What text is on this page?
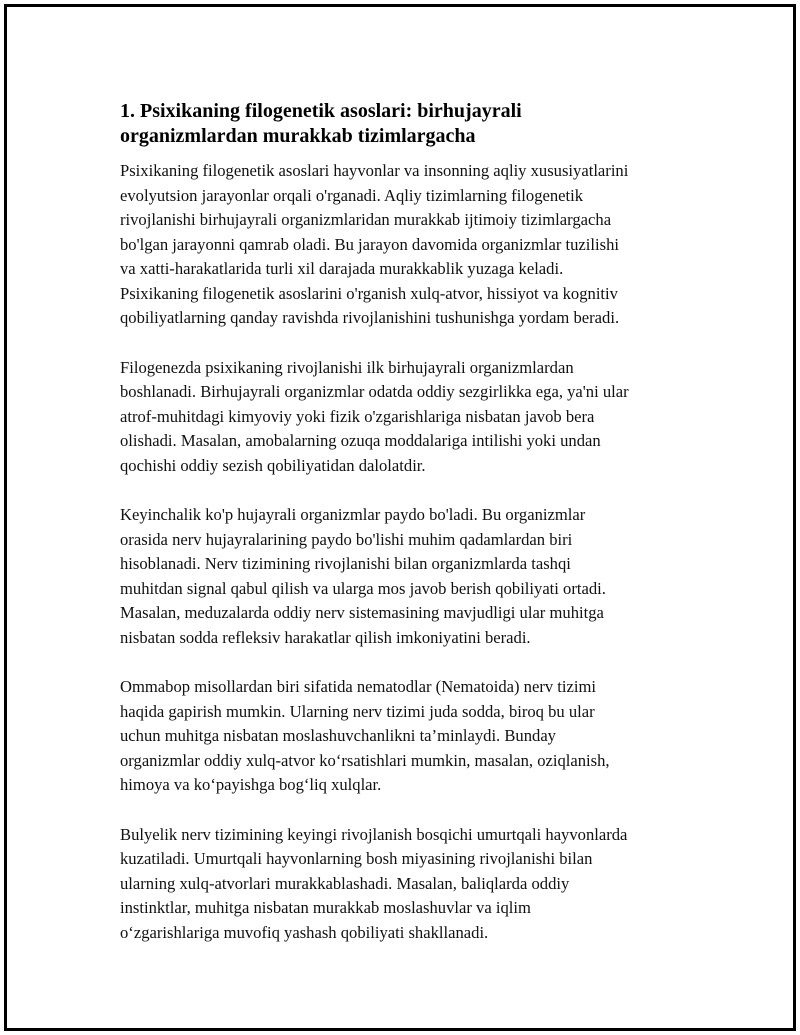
1. Psixikaning filogenetik asoslari: birhujayrali
organizmlardan murakkab tizimlargacha

Psixikaning filogenetik asoslari hayvonlar va insonning aqliy xususiyatlarini
evolyutsion jarayonlar orqali o'rganadi. Aqliy tizimlarning filogenetik
rivojlanishi birhujayrali organizmlaridan murakkab ijtimoiy tizimlargacha
bo'lgan jarayonni qamrab oladi. Bu jarayon davomida organizmlar tuzilishi
va xatti-harakatlarida turli xil darajada murakkablik yuzaga keladi.
Psixikaning filogenetik asoslarini o'rganish xulq-atvor, hissiyot va kognitiv
qobiliyatlarning qanday ravishda rivojlanishini tushunishga yordam beradi.

Filogenezda psixikaning rivojlanishi ilk birhujayrali organizmlardan
boshlanadi. Birhujayrali organizmlar odatda oddiy sezgirlikka ega, ya'ni ular
atrof-muhitdagi kimyoviy yoki fizik o'zgarishlariga nisbatan javob bera
olishadi. Masalan, amobalarning ozuqa moddalariga intilishi yoki undan
qochishi oddiy sezish qobiliyatidan dalolatdir.

Keyinchalik ko'p hujayrali organizmlar paydo bo'ladi. Bu organizmlar
orasida nerv hujayralarining paydo bo'lishi muhim qadamlardan biri
hisoblanadi. Nerv tizimining rivojlanishi bilan organizmlarda tashqi
muhitdan signal qabul qilish va ularga mos javob berish qobiliyati ortadi.
Masalan, meduzalarda oddiy nerv sistemasining mavjudligi ular muhitga
nisbatan sodda refleksiv harakatlar qilish imkoniyatini beradi.

Ommabop misollardan biri sifatida nematodlar (Nematoida) nerv tizimi
haqida gapirish mumkin. Ularning nerv tizimi juda sodda, biroq bu ular
uchun muhitga nisbatan moslashuvchanlikni ta’minlaydi. Bunday
organizmlar oddiy xulq-atvor ko‘rsatishlari mumkin, masalan, oziqlanish,
himoya va ko‘payishga bog‘liq xulqlar.

Bulyelik nerv tizimining keyingi rivojlanish bosqichi umurtqali hayvonlarda
kuzatiladi. Umurtqali hayvonlarning bosh miyasining rivojlanishi bilan
ularning xulq-atvorlari murakkablashadi. Masalan, baliqlarda oddiy
instinktlar, muhitga nisbatan murakkab moslashuvlar va iqlim
o‘zgarishlariga muvofiq yashash qobiliyati shakllanadi.
